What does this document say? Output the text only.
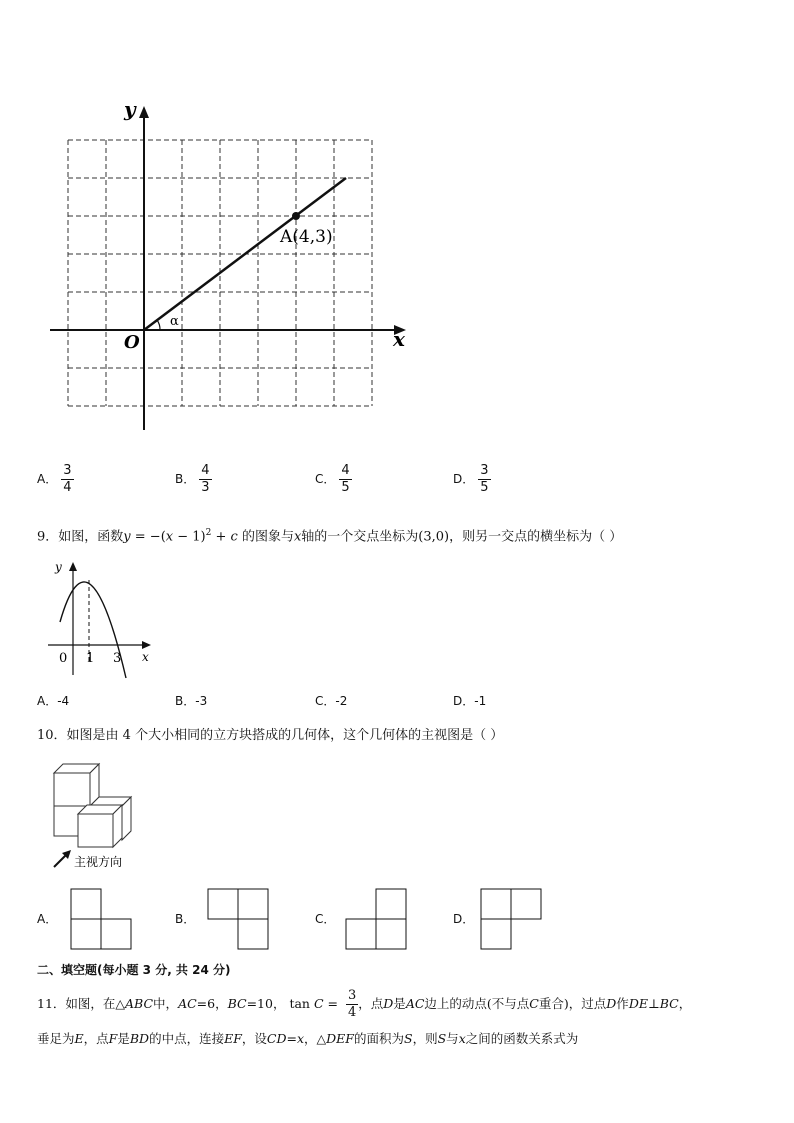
y
x
O
A(4,3)
α
A． $\frac{3}{4}$	B． $\frac{4}{3}$	C． $\frac{4}{5}$	D． $\frac{3}{5}$
9．如图，函数$y = -(x - 1)^2 + c$ 的图象与x轴的一个交点坐标为(3,0)，则另一交点的横坐标为（ ）
y
x
0 1 3
A．-4	B．-3	C．-2	D．-1
10．如图是由 4 个大小相同的立方块搭成的几何体，这个几何体的主视图是（ ）
主视方向
A．	B．	C．	D．
二、填空题(每小题 3 分, 共 24 分)
11．如图，在△ABC中，AC=6，BC=10， $\tan C = \frac{3}{4}$ ，点D是AC边上的动点(不与点C重合)，过点D作DE⊥BC，
垂足为E，点F是BD的中点，连接EF，设CD=x，△DEF的面积为S，则S与x之间的函数关系式为
